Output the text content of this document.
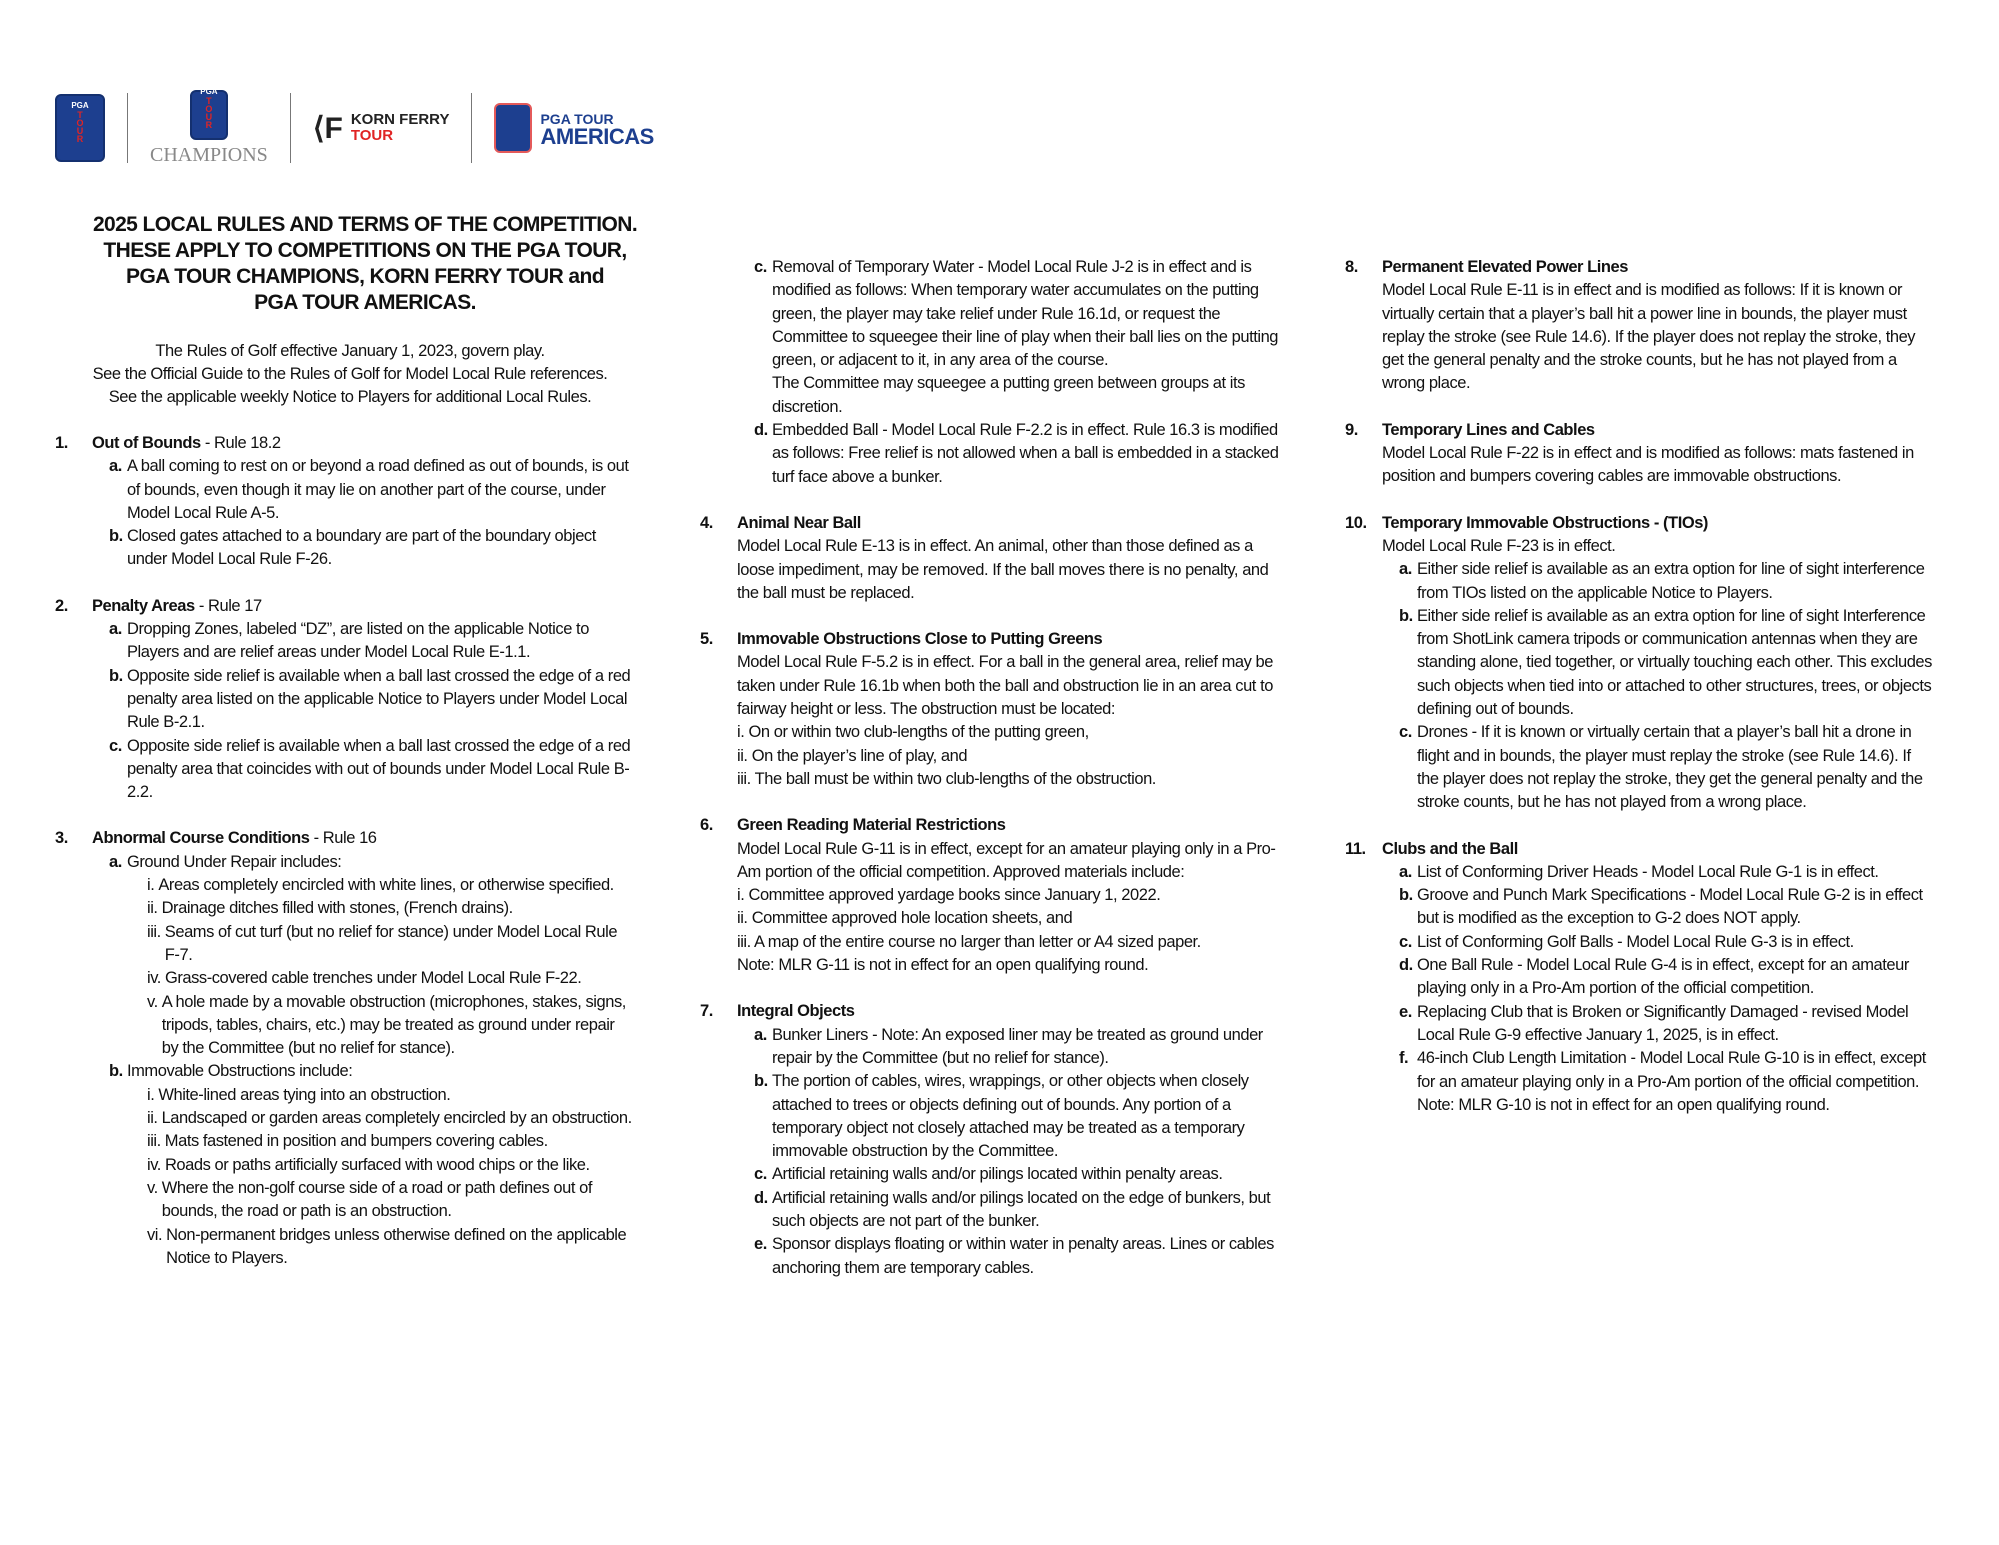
PGA
TOUR
PGA
TOUR
CHAMPIONS
⟨F KORN FERRY
TOUR
PGA TOUR
AMERICAS
2025 LOCAL RULES AND TERMS OF THE COMPETITION.
THESE APPLY TO COMPETITIONS ON THE PGA TOUR,
PGA TOUR CHAMPIONS, KORN FERRY TOUR and
PGA TOUR AMERICAS.
The Rules of Golf effective January 1, 2023, govern play.
See the Official Guide to the Rules of Golf for Model Local Rule references.
See the applicable weekly Notice to Players for additional Local Rules.
1.	Out of Bounds - Rule 18.2
a. A ball coming to rest on or beyond a road defined as out of bounds, is out of bounds, even though it may lie on another part of the course, under Model Local Rule A-5.
b. Closed gates attached to a boundary are part of the boundary object under Model Local Rule F-26.
2.	Penalty Areas - Rule 17
a. Dropping Zones, labeled “DZ”, are listed on the applicable Notice to Players and are relief areas under Model Local Rule E-1.1.
b. Opposite side relief is available when a ball last crossed the edge of a red penalty area listed on the applicable Notice to Players under Model Local Rule B-2.1.
c. Opposite side relief is available when a ball last crossed the edge of a red penalty area that coincides with out of bounds under Model Local Rule B-2.2.
3.	Abnormal Course Conditions - Rule 16
a. Ground Under Repair includes:
i. Areas completely encircled with white lines, or otherwise specified.
ii. Drainage ditches filled with stones, (French drains).
iii. Seams of cut turf (but no relief for stance) under Model Local Rule F-7.
iv. Grass-covered cable trenches under Model Local Rule F-22.
v. A hole made by a movable obstruction (microphones, stakes, signs, tripods, tables, chairs, etc.) may be treated as ground under repair by the Committee (but no relief for stance).
b. Immovable Obstructions include:
i. White-lined areas tying into an obstruction.
ii. Landscaped or garden areas completely encircled by an obstruction.
iii. Mats fastened in position and bumpers covering cables.
iv. Roads or paths artificially surfaced with wood chips or the like.
v. Where the non-golf course side of a road or path defines out of bounds, the road or path is an obstruction.
vi. Non-permanent bridges unless otherwise defined on the applicable Notice to Players.
c. Removal of Temporary Water - Model Local Rule J-2 is in effect and is modified as follows: When temporary water accumulates on the putting green, the player may take relief under Rule 16.1d, or request the Committee to squeegee their line of play when their ball lies on the putting green, or adjacent to it, in any area of the course.
The Committee may squeegee a putting green between groups at its discretion.
d. Embedded Ball - Model Local Rule F-2.2 is in effect. Rule 16.3 is modified as follows: Free relief is not allowed when a ball is embedded in a stacked turf face above a bunker.
4.	Animal Near Ball
Model Local Rule E-13 is in effect. An animal, other than those defined as a loose impediment, may be removed. If the ball moves there is no penalty, and the ball must be replaced.
5.	Immovable Obstructions Close to Putting Greens
Model Local Rule F-5.2 is in effect. For a ball in the general area, relief may be taken under Rule 16.1b when both the ball and obstruction lie in an area cut to fairway height or less. The obstruction must be located:
i. On or within two club-lengths of the putting green,
ii. On the player’s line of play, and
iii. The ball must be within two club-lengths of the obstruction.
6.	Green Reading Material Restrictions
Model Local Rule G-11 is in effect, except for an amateur playing only in a Pro-Am portion of the official competition. Approved materials include:
i. Committee approved yardage books since January 1, 2022.
ii. Committee approved hole location sheets, and
iii. A map of the entire course no larger than letter or A4 sized paper.
Note: MLR G-11 is not in effect for an open qualifying round.
7.	Integral Objects
a. Bunker Liners - Note: An exposed liner may be treated as ground under repair by the Committee (but no relief for stance).
b. The portion of cables, wires, wrappings, or other objects when closely attached to trees or objects defining out of bounds. Any portion of a temporary object not closely attached may be treated as a temporary immovable obstruction by the Committee.
c. Artificial retaining walls and/or pilings located within penalty areas.
d. Artificial retaining walls and/or pilings located on the edge of bunkers, but such objects are not part of the bunker.
e. Sponsor displays floating or within water in penalty areas. Lines or cables anchoring them are temporary cables.
8.	Permanent Elevated Power Lines
Model Local Rule E-11 is in effect and is modified as follows: If it is known or virtually certain that a player’s ball hit a power line in bounds, the player must replay the stroke (see Rule 14.6). If the player does not replay the stroke, they get the general penalty and the stroke counts, but he has not played from a wrong place.
9.	Temporary Lines and Cables
Model Local Rule F-22 is in effect and is modified as follows: mats fastened in position and bumpers covering cables are immovable obstructions.
10. Temporary Immovable Obstructions - (TIOs)
Model Local Rule F-23 is in effect.
a. Either side relief is available as an extra option for line of sight interference from TIOs listed on the applicable Notice to Players.
b. Either side relief is available as an extra option for line of sight Interference from ShotLink camera tripods or communication antennas when they are standing alone, tied together, or virtually touching each other. This excludes such objects when tied into or attached to other structures, trees, or objects defining out of bounds.
c. Drones - If it is known or virtually certain that a player’s ball hit a drone in flight and in bounds, the player must replay the stroke (see Rule 14.6). If the player does not replay the stroke, they get the general penalty and the stroke counts, but he has not played from a wrong place.
11. Clubs and the Ball
a. List of Conforming Driver Heads - Model Local Rule G-1 is in effect.
b. Groove and Punch Mark Specifications - Model Local Rule G-2 is in effect but is modified as the exception to G-2 does NOT apply.
c. List of Conforming Golf Balls - Model Local Rule G-3 is in effect.
d. One Ball Rule - Model Local Rule G-4 is in effect, except for an amateur playing only in a Pro-Am portion of the official competition.
e. Replacing Club that is Broken or Significantly Damaged - revised Model Local Rule G-9 effective January 1, 2025, is in effect.
f. 46-inch Club Length Limitation - Model Local Rule G-10 is in effect, except for an amateur playing only in a Pro-Am portion of the official competition.
Note: MLR G-10 is not in effect for an open qualifying round.
